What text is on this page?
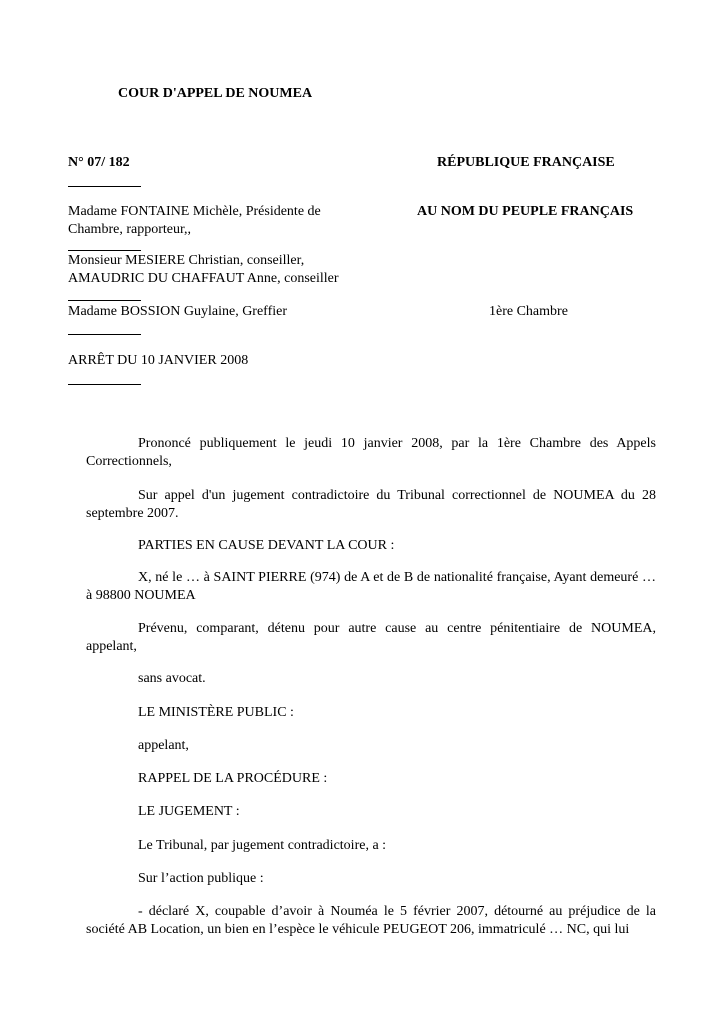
COUR D'APPEL DE NOUMEA
N° 07/ 182	RÉPUBLIQUE FRANÇAISE
Madame FONTAINE Michèle, Présidente de
Chambre, rapporteur,,
AU NOM DU PEUPLE FRANÇAIS
Monsieur MESIERE Christian, conseiller,
AMAUDRIC DU CHAFFAUT Anne, conseiller
Madame BOSSION Guylaine, Greffier	1ère Chambre
ARRÊT DU 10 JANVIER 2008
Prononcé publiquement le jeudi 10 janvier 2008, par la 1ère Chambre des Appels Correctionnels,
Sur appel d'un jugement contradictoire du Tribunal correctionnel de NOUMEA du 28 septembre 2007.
PARTIES EN CAUSE DEVANT LA COUR :
X, né le … à SAINT PIERRE (974) de A et de B de nationalité française, Ayant demeuré …à 98800 NOUMEA
Prévenu, comparant, détenu pour autre cause au centre pénitentiaire de NOUMEA, appelant,
sans avocat.
LE MINISTÈRE PUBLIC :
appelant,
RAPPEL DE LA PROCÉDURE :
LE JUGEMENT :
Le Tribunal, par jugement contradictoire, a :
Sur l’action publique :
- déclaré X, coupable d’avoir à Nouméa le 5 février 2007, détourné au préjudice de la société AB Location, un bien en l’espèce le véhicule PEUGEOT 206, immatriculé … NC, qui lui
